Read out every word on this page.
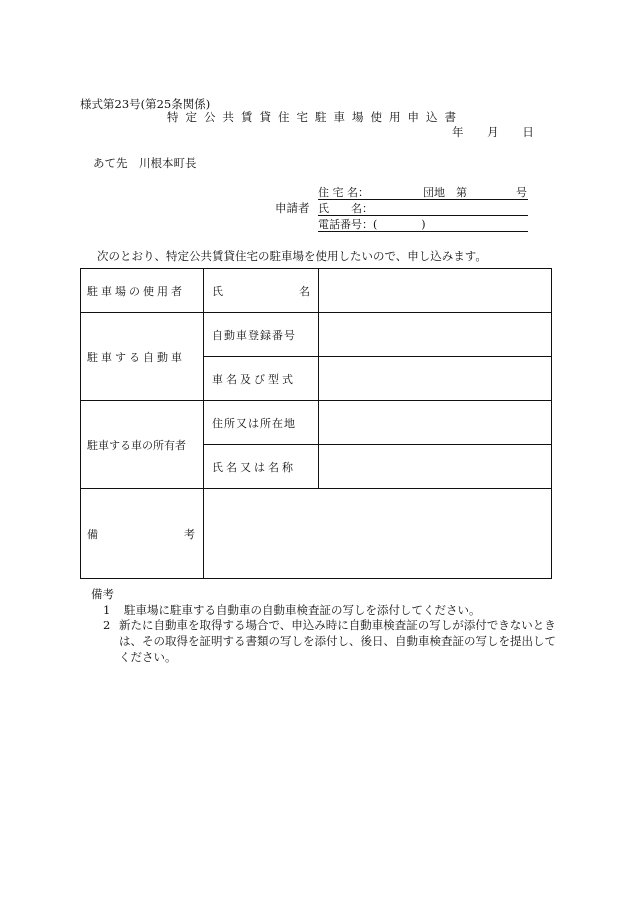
様式第23号(第25条関係)
特定公共賃貸住宅駐車場使用申込書
年 月 日
あて先　川根本町長
申請者
住 宅 名：	団地　第	号
氏　　名：
電話番号：(　　　　)
次のとおり、特定公共賃貸住宅の駐車場を使用したいので、申し込みます。
駐車場の使用者	氏 名	

駐車する自動車	自動車登録番号	
	車名及び型式	
駐車する車の所有者	住所又は所在地	
	氏名又は名称	

備 考		

備考
1 駐車場に駐車する自動車の自動車検査証の写しを添付してください。
2 新たに自動車を取得する場合で、申込み時に自動車検査証の写しが添付できないときは、その取得を証明する書類の写しを添付し、後日、自動車検査証の写しを提出してください。
